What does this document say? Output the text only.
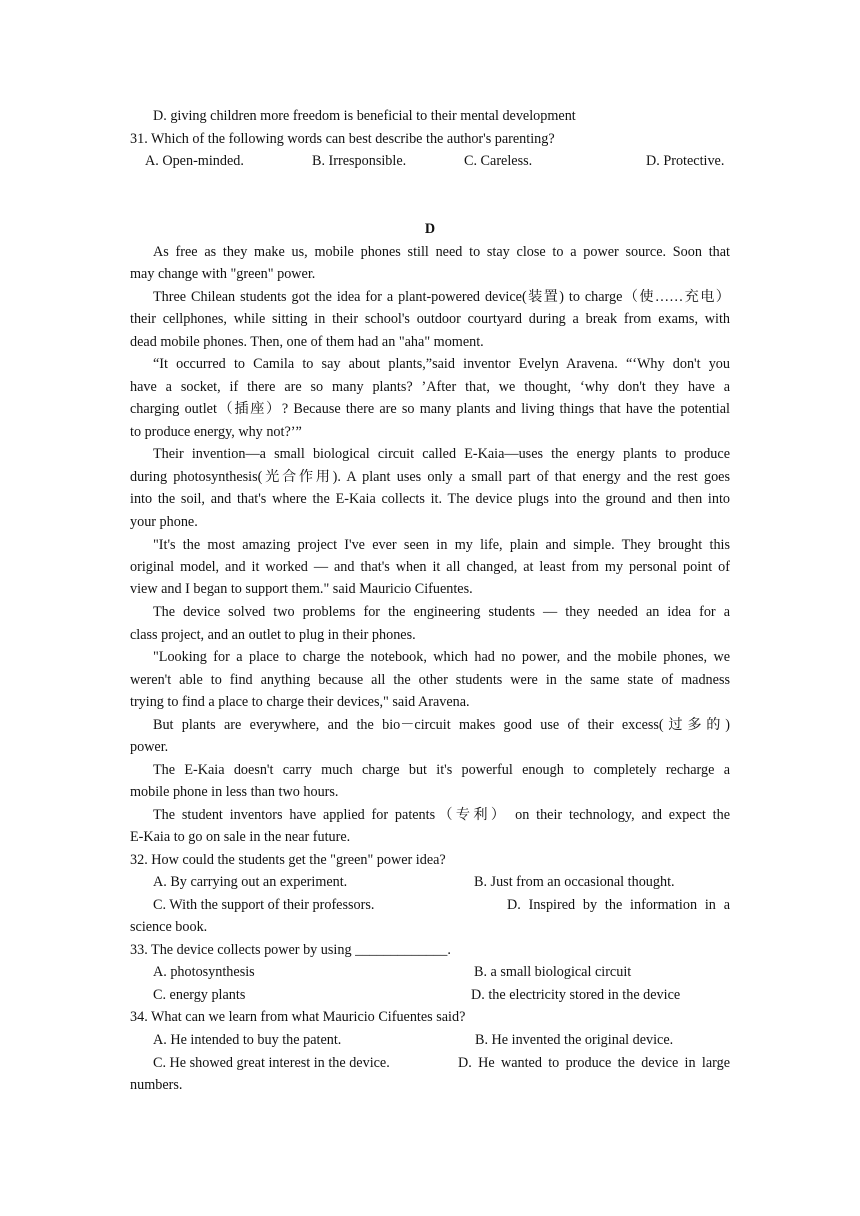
D. giving children more freedom is beneficial to their mental development
31. Which of the following words can best describe the author's parenting?
A. Open-minded.	B. Irresponsible.	C. Careless.	D. Protective.
D
As free as they make us, mobile phones still need to stay close to a power source. Soon that
may change with "green" power.
Three Chilean students got the idea for a plant-powered device(装置) to charge（使……充电）
their cellphones, while sitting in their school's outdoor courtyard during a break from exams, with
dead mobile phones. Then, one of them had an "aha" moment.
“It occurred to Camila to say about plants,”said inventor Evelyn Aravena. “‘Why don't you
have a socket, if there are so many plants? ’After that, we thought, ‘why don't they have a
charging outlet（插座）? Because there are so many plants and living things that have the potential
to produce energy, why not?’”
Their invention—a small biological circuit called E-Kaia—uses the energy plants to produce
during photosynthesis(光合作用). A plant uses only a small part of that energy and the rest goes
into the soil, and that's where the E-Kaia collects it. The device plugs into the ground and then into
your phone.
"It's the most amazing project I've ever seen in my life, plain and simple. They brought this
original model, and it worked — and that's when it all changed, at least from my personal point of
view and I began to support them." said Mauricio Cifuentes.
The device solved two problems for the engineering students — they needed an idea for a
class project, and an outlet to plug in their phones.
"Looking for a place to charge the notebook, which had no power, and the mobile phones, we
weren't able to find anything because all the other students were in the same state of madness
trying to find a place to charge their devices," said Aravena.
But plants are everywhere, and the bio－circuit makes good use of their excess(过多的)
power.
The E-Kaia doesn't carry much charge but it's powerful enough to completely recharge a
mobile phone in less than two hours.
The student inventors have applied for patents（专利） on their technology, and expect the
E-Kaia to go on sale in the near future.
32. How could the students get the "green" power idea?
A. By carrying out an experiment.	B. Just from an occasional thought.
C. With the support of their professors.	D. Inspired by the information in a
science book.
33. The device collects power by using _____________.
A. photosynthesis	B. a small biological circuit
C. energy plants	D. the electricity stored in the device
34. What can we learn from what Mauricio Cifuentes said?
A. He intended to buy the patent.	B. He invented the original device.
C. He showed great interest in the device.	D. He wanted to produce the device in large
numbers.
